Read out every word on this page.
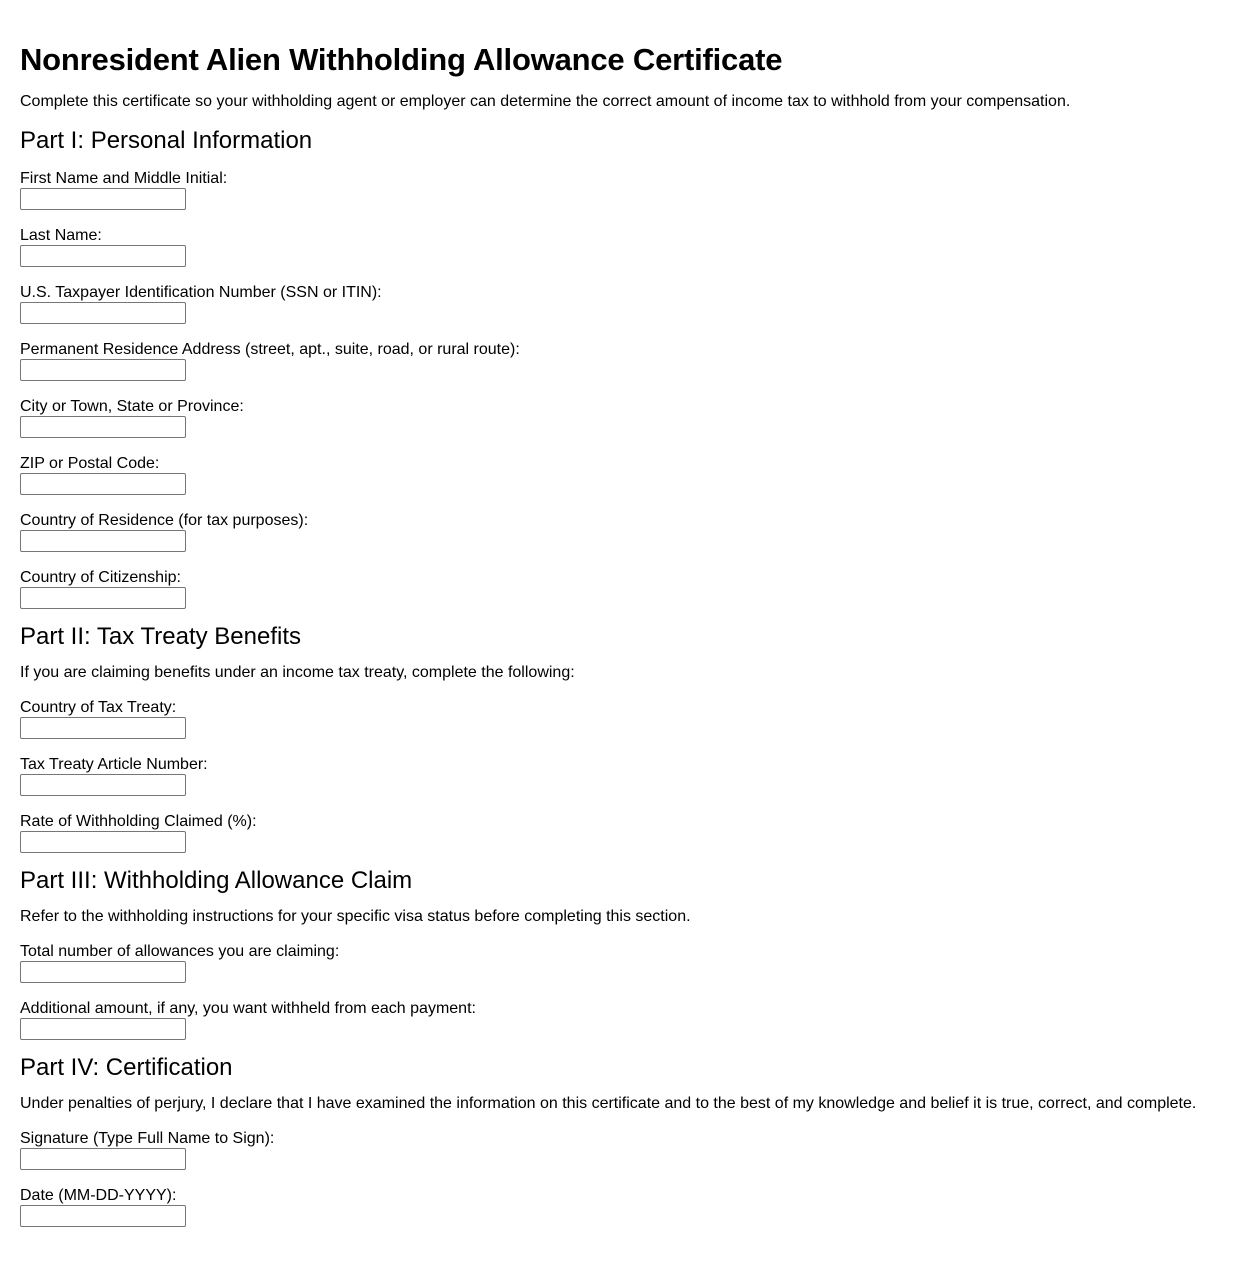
Nonresident Alien Withholding Allowance Certificate

Complete this certificate so your withholding agent or employer can determine the correct amount of income tax to withhold from your compensation.

Part I: Personal Information
First Name and Middle Initial:
Last Name:
U.S. Taxpayer Identification Number (SSN or ITIN):
Permanent Residence Address (street, apt., suite, road, or rural route):
City or Town, State or Province:
ZIP or Postal Code:
Country of Residence (for tax purposes):
Country of Citizenship:
Part II: Tax Treaty Benefits

If you are claiming benefits under an income tax treaty, complete the following:

Country of Tax Treaty:
Tax Treaty Article Number:
Rate of Withholding Claimed (%):
Part III: Withholding Allowance Claim

Refer to the withholding instructions for your specific visa status before completing this section.

Total number of allowances you are claiming:
Additional amount, if any, you want withheld from each payment:
Part IV: Certification

Under penalties of perjury, I declare that I have examined the information on this certificate and to the best of my knowledge and belief it is true, correct, and complete.

Signature (Type Full Name to Sign):
Date (MM-DD-YYYY):
